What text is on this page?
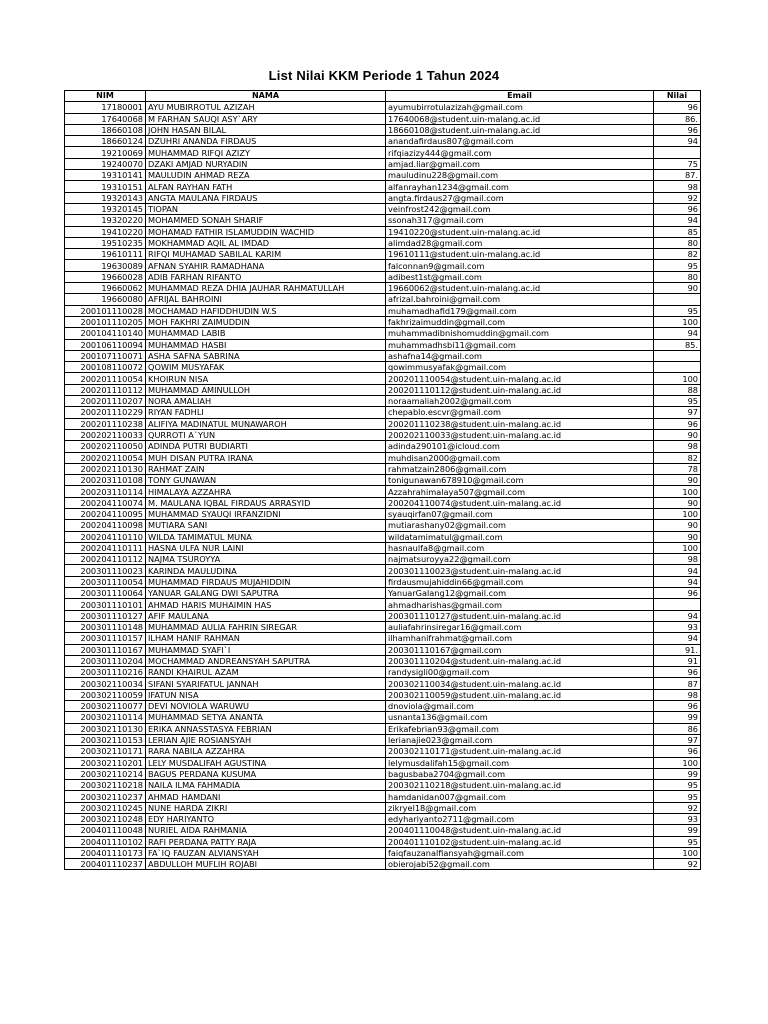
List Nilai KKM Periode 1 Tahun 2024
NIM	NAMA	Email	Nilai
17180001	AYU MUBIRROTUL AZIZAH	ayumubirrotulazizah@gmail.com	96
17640068	M FARHAN SAUQI ASY`ARY	17640068@student.uin-malang.ac.id	86.
18660108	JOHN HASAN BILAL	18660108@student.uin-malang.ac.id	96
18660124	DZUHRI ANANDA FIRDAUS	anandafirdaus807@gmail.com	94
19210069	MUHAMMAD RIFQI AZIZY	rifqiazizy444@gmail.com	
19240070	DZAKI AMJAD NURYADIN	amjad.liar@gmail.com	75
19310141	MAULUDIN AHMAD REZA	mauludinu228@gmail.com	87.
19310151	ALFAN RAYHAN FATH	alfanrayhan1234@gmail.com	98
19320143	ANGTA MAULANA FIRDAUS	angta.firdaus27@gmail.com	92
19320145	TIOPAN	veinfrost242@gmail.com	96
19320220	MOHAMMED SONAH SHARIF	ssonah317@gmail.com	94
19410220	MOHAMAD FATHIR ISLAMUDDIN WACHID	19410220@student.uin-malang.ac.id	85
19510235	MOKHAMMAD AQIL AL IMDAD	alimdad28@gmail.com	80
19610111	RIFQI MUHAMAD SABILAL KARIM	19610111@student.uin-malang.ac.id	82
19630089	AFNAN SYAHIR RAMADHANA	falconnan9@gmail.com	95
19660028	ADIB FARHAN RIFANTO	adibest1st@gmail.com	80
19660062	MUHAMMAD REZA DHIA JAUHAR RAHMATULLAH	19660062@student.uin-malang.ac.id	90
19660080	AFRIJAL BAHROINI	afrizal.bahroini@gmail.com	
200101110028	MOCHAMAD HAFIDDHUDIN W.S	muhamadhafid179@gmail.com	95
200101110205	MOH FAKHRI ZAIMUDDIN	fakhrizaimuddin@gmail.com	100
200104110140	MUHAMMAD LABIB	muhammadibnishomuddin@gmail.com	94
200106110094	MUHAMMAD HASBI	muhammadhsbi11@gmail.com	85.
200107110071	ASHA SAFNA SABRINA	ashafna14@gmail.com	
200108110072	QOWIM MUSYAFAK	qowimmusyafak@gmail.com	
200201110054	KHOIRUN NISA	200201110054@student.uin-malang.ac.id	100
200201110112	MUHAMMAD AMINULLOH	200201110112@student.uin-malang.ac.id	88
200201110207	NORA AMALIAH	noraamaliah2002@gmail.com	95
200201110229	RIYAN FADHLI	chepablo.escvr@gmail.com	97
200201110238	ALIFIYA MADINATUL MUNAWAROH	200201110238@student.uin-malang.ac.id	96
200202110033	QURROTI A`YUN	200202110033@student.uin-malang.ac.id	90
200202110050	ADINDA PUTRI BUDIARTI	adinda290101@icloud.com	98
200202110054	MUH DISAN PUTRA IRANA	muhdisan2000@gmail.com	82
200202110130	RAHMAT ZAIN	rahmatzain2806@gmail.com	78
200203110108	TONY GUNAWAN	tonigunawan678910@gmail.com	90
200203110114	HIMALAYA AZZAHRA	Azzahrahimalaya507@gmail.com	100
200204110074	M. MAULANA IQBAL FIRDAUS ARRASYID	200204110074@student.uin-malang.ac.id	90
200204110095	MUHAMMAD SYAUQI IRFANZIDNI	syauqirfan07@gmail.com	100
200204110098	MUTIARA SANI	mutiarashany02@gmail.com	90
200204110110	WILDA TAMIMATUL MUNA	wildatamimatul@gmail.com	90
200204110111	HASNA ULFA NUR LAINI	hasnaulfa8@gmail.com	100
200204110112	NAJMA TSUROYYA	najmatsuroyya22@gmail.com	98
200301110023	KARINDA MAULUDINA	200301110023@student.uin-malang.ac.id	94
200301110054	MUHAMMAD FIRDAUS MUJAHIDDIN	firdausmujahiddin66@gmail.com	94
200301110064	YANUAR GALANG DWI SAPUTRA	YanuarGalang12@gmail.com	96
200301110101	AHMAD HARIS MUHAIMIN HAS	ahmadharishas@gmail.com	
200301110127	AFIF MAULANA	200301110127@student.uin-malang.ac.id	94
200301110148	MUHAMMAD AULIA FAHRIN SIREGAR	auliafahrinsiregar16@gmail.com	93
200301110157	ILHAM HANIF RAHMAN	ilhamhanifrahmat@gmail.com	94
200301110167	MUHAMMAD SYAFI`I	200301110167@gmail.com	91.
200301110204	MOCHAMMAD ANDREANSYAH SAPUTRA	200301110204@student.uin-malang.ac.id	91
200301110216	RANDI KHAIRUL AZAM	randysigli00@gmail.com	96
200302110034	SIFANI SYARIFATUL JANNAH	200302110034@student.uin-malang.ac.id	87
200302110059	IFATUN NISA	200302110059@student.uin-malang.ac.id	98
200302110077	DEVI NOVIOLA WARUWU	dnoviola@gmail.com	96
200302110114	MUHAMMAD SETYA ANANTA	usnanta136@gmail.com	99
200302110130	ERIKA ANNASSTASYA FEBRIAN	Erikafebrian93@gmail.com	86
200302110153	LERIAN AJIE ROSIANSYAH	lerianajie023@gmail.com	97
200302110171	RARA NABILA AZZAHRA	200302110171@student.uin-malang.ac.id	96
200302110201	LELY MUSDALIFAH AGUSTINA	lelymusdalifah15@gmail.com	100
200302110214	BAGUS PERDANA KUSUMA	bagusbaba2704@gmail.com	99
200302110218	NAILA ILMA FAHMADIA	200302110218@student.uin-malang.ac.id	95
200302110237	AHMAD HAMDANI	hamdanidan007@gmail.com	95
200302110245	NUNE HARDA ZIKRI	zikryel18@gmail.com	92
200302110248	EDY HARIYANTO	edyhariyanto2711@gmail.com	93
200401110048	NURIEL AIDA RAHMANIA	200401110048@student.uin-malang.ac.id	99
200401110102	RAFI PERDANA PATTY RAJA	200401110102@student.uin-malang.ac.id	95
200401110173	FA`IQ FAUZAN ALVIANSYAH	faiqfauzanalfiansyah@gmail.com	100
200401110237	ABDULLOH MUFLIH ROJABI	obierojabi52@gmail.com	92
